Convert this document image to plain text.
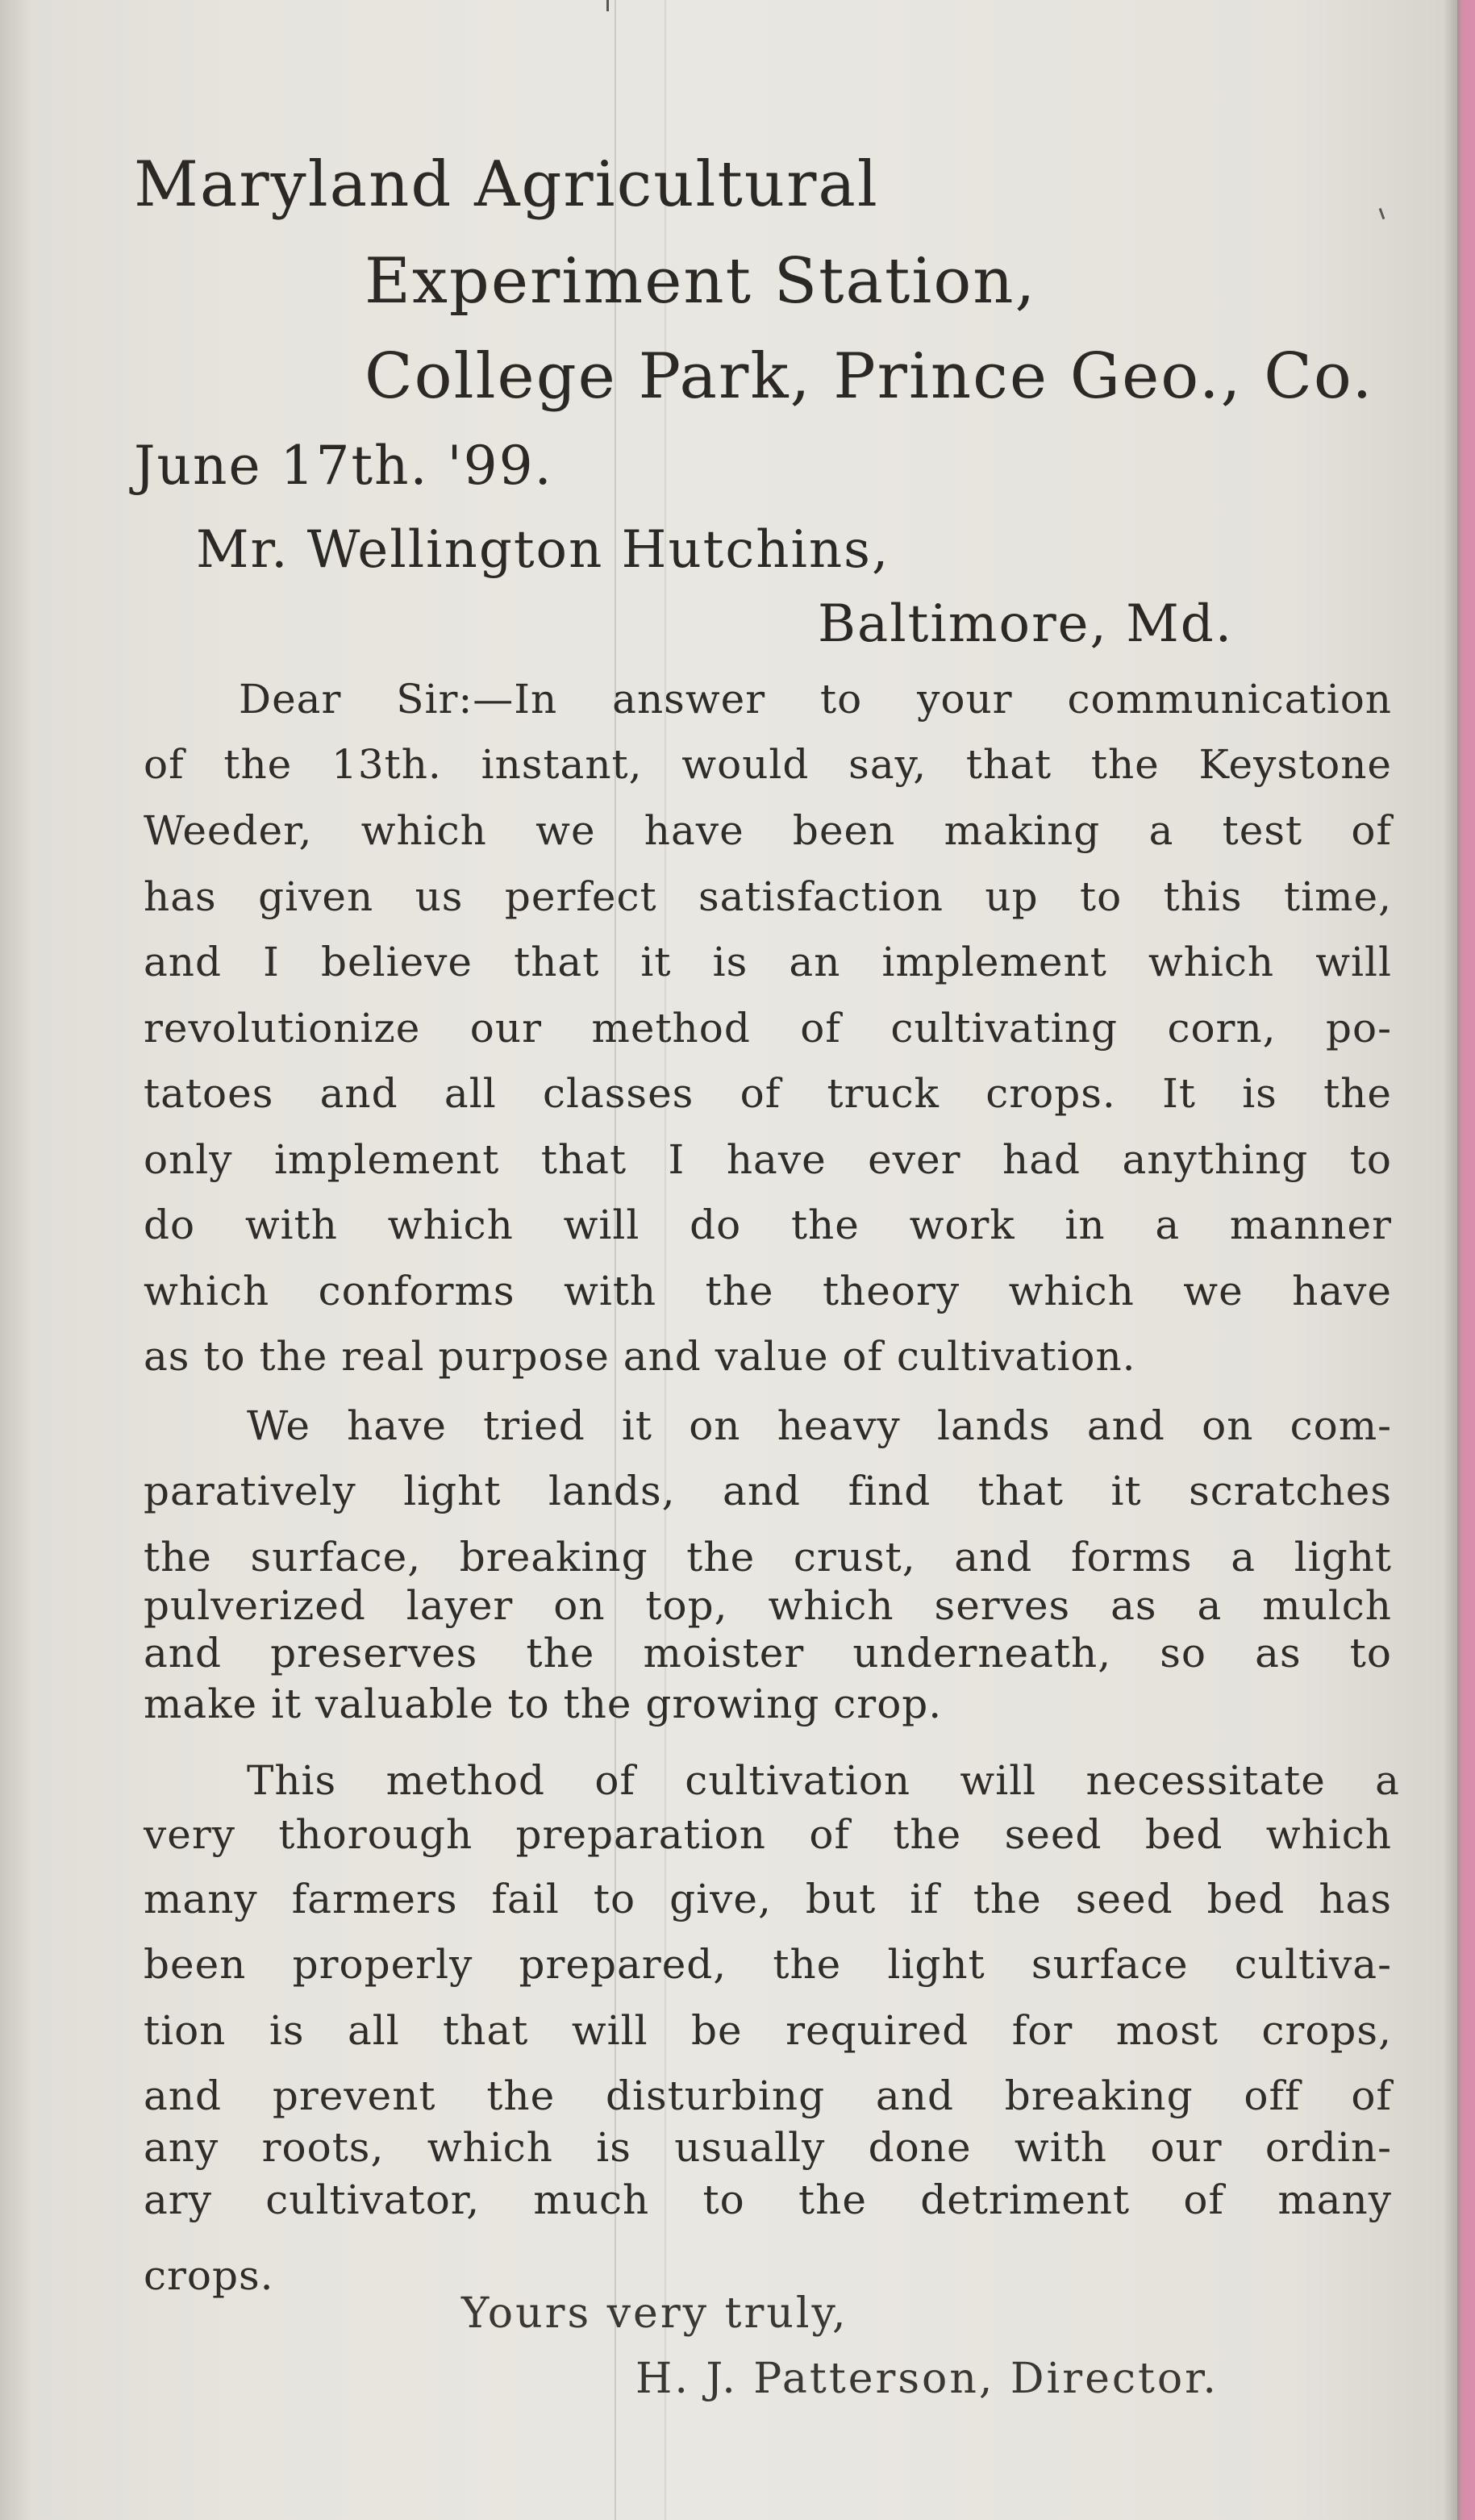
Maryland Agricultural

Experiment Station,

College Park, Prince Geo., Co.

June 17th. '99.

Mr. Wellington Hutchins,

Baltimore, Md.

Dear Sir:—In answer to your communication

of the 13th. instant, would say, that the Keystone

Weeder, which we have been making a test of

has given us perfect satisfaction up to this time,

and I believe that it is an implement which will

revolutionize our method of cultivating corn, po-

tatoes and all classes of truck crops. It is the

only implement that I have ever had anything to

do with which will do the work in a manner

which conforms with the theory which we have

as to the real purpose and value of cultivation.

We have tried it on heavy lands and on com-

paratively light lands, and find that it scratches

the surface, breaking the crust, and forms a light

pulverized layer on top, which serves as a mulch

and preserves the moister underneath, so as to

make it valuable to the growing crop.

This method of cultivation will necessitate a

very thorough preparation of the seed bed which

many farmers fail to give, but if the seed bed has

been properly prepared, the light surface cultiva-

tion is all that will be required for most crops,

and prevent the disturbing and breaking off of

any roots, which is usually done with our ordin-

ary cultivator, much to the detriment of many

crops.

Yours very truly,

H. J. Patterson, Director.
